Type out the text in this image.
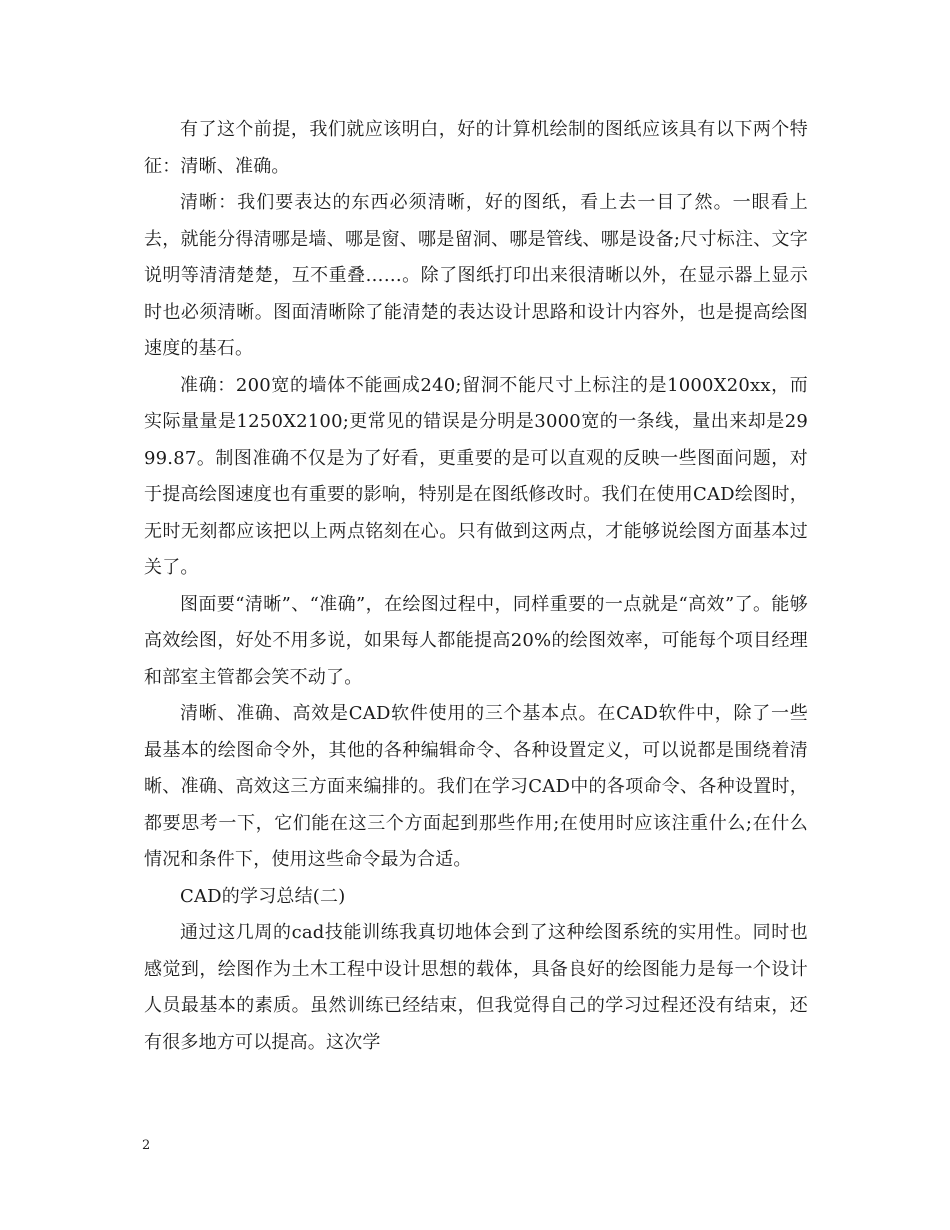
有了这个前提，我们就应该明白，好的计算机绘制的图纸应该具有以下两个特征：清晰、准确。

清晰：我们要表达的东西必须清晰，好的图纸，看上去一目了然。一眼看上去，就能分得清哪是墙、哪是窗、哪是留洞、哪是管线、哪是设备;尺寸标注、文字说明等清清楚楚，互不重叠……。除了图纸打印出来很清晰以外，在显示器上显示时也必须清晰。图面清晰除了能清楚的表达设计思路和设计内容外，也是提高绘图速度的基石。

准确：200宽的墙体不能画成240;留洞不能尺寸上标注的是1000X20xx，而实际量量是1250X2100;更常见的错误是分明是3000宽的一条线，量出来却是2999.87。制图准确不仅是为了好看，更重要的是可以直观的反映一些图面问题，对于提高绘图速度也有重要的影响，特别是在图纸修改时。我们在使用CAD绘图时，无时无刻都应该把以上两点铭刻在心。只有做到这两点，才能够说绘图方面基本过关了。

图面要“清晰”、“准确”，在绘图过程中，同样重要的一点就是“高效”了。能够高效绘图，好处不用多说，如果每人都能提高20%的绘图效率，可能每个项目经理和部室主管都会笑不动了。

清晰、准确、高效是CAD软件使用的三个基本点。在CAD软件中，除了一些最基本的绘图命令外，其他的各种编辑命令、各种设置定义，可以说都是围绕着清晰、准确、高效这三方面来编排的。我们在学习CAD中的各项命令、各种设置时，都要思考一下，它们能在这三个方面起到那些作用;在使用时应该注重什么;在什么情况和条件下，使用这些命令最为合适。

CAD的学习总结(二)

通过这几周的cad技能训练我真切地体会到了这种绘图系统的实用性。同时也感觉到，绘图作为土木工程中设计思想的载体，具备良好的绘图能力是每一个设计人员最基本的素质。虽然训练已经结束，但我觉得自己的学习过程还没有结束，还有很多地方可以提高。这次学

2
